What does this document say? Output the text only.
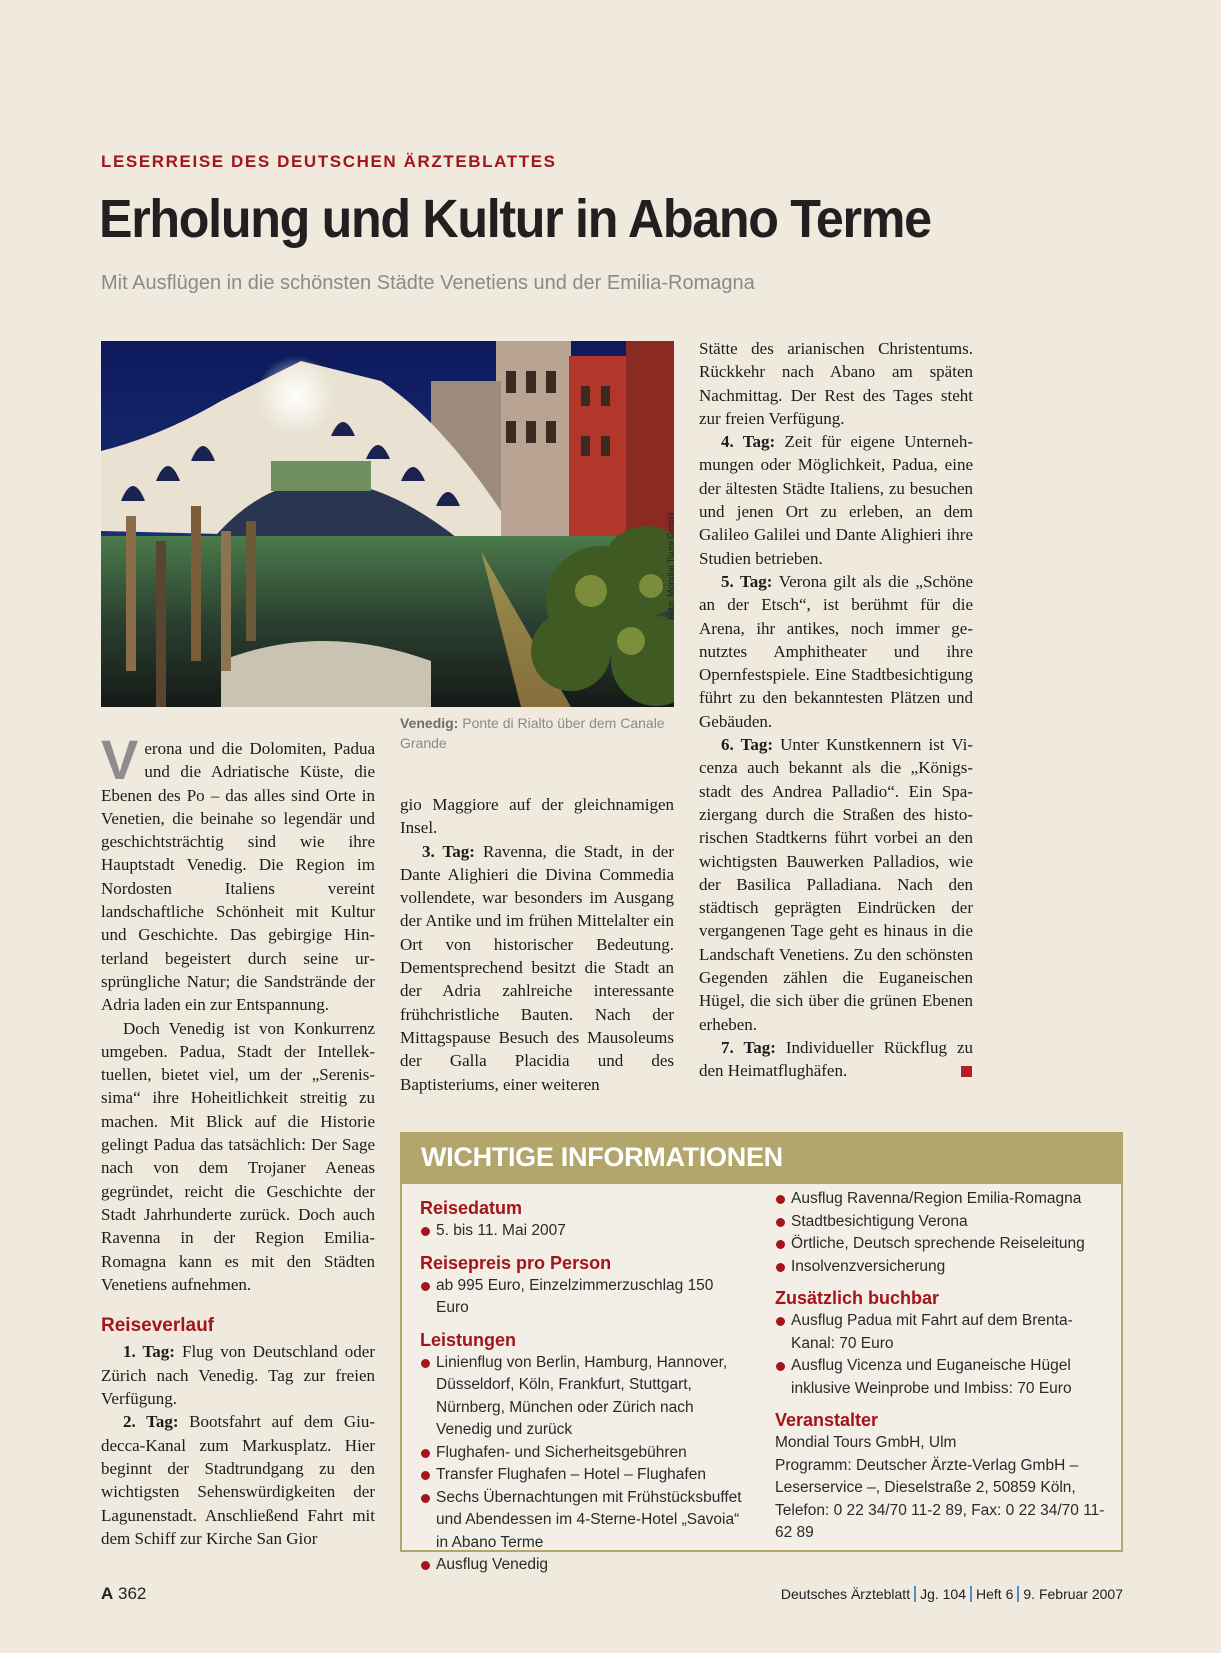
LESERREISE DES DEUTSCHEN ÄRZTEBLATTES
Erholung und Kultur in Abano Terme
Mit Ausflügen in die schönsten Städte Venetiens und der Emilia-Romagna
Foto: Mondial Tours GmbH
Venedig: Ponte di Rialto über dem Canale Grande

Verona und die Dolomiten, Padua und die Adriatische Küste, die Ebenen des Po – das alles sind Orte in Venetien, die beinahe so legendär und geschichtsträchtig sind wie ihre Hauptstadt Venedig. Die Region im Nordosten Italiens vereint landschaftliche Schönheit mit Kultur und Geschichte. Das gebirgige Hinterland begeistert durch seine ursprüngliche Natur; die Sandstrände der Adria laden ein zur Entspannung.

Doch Venedig ist von Konkurrenz umgeben. Padua, Stadt der Intellektuellen, bietet viel, um der „Serenissima“ ihre Hoheitlichkeit streitig zu machen. Mit Blick auf die Historie gelingt Padua das tatsächlich: Der Sage nach von dem Trojaner Aeneas gegründet, reicht die Geschichte der Stadt Jahrhunderte zurück. Doch auch Ravenna in der Region Emilia-Romagna kann es mit den Städten Venetiens aufnehmen.

Reiseverlauf

1. Tag: Flug von Deutschland oder Zürich nach Venedig. Tag zur freien Verfügung.

2. Tag: Bootsfahrt auf dem Giudecca-Kanal zum Markusplatz. Hier beginnt der Stadtrundgang zu den wichtigsten Sehenswürdigkeiten der Lagunenstadt. Anschließend Fahrt mit dem Schiff zur Kirche San Gior

gio Maggiore auf der gleichnamigen Insel.

3. Tag: Ravenna, die Stadt, in der Dante Alighieri die Divina Commedia vollendete, war besonders im Ausgang der Antike und im frühen Mittelalter ein Ort von historischer Bedeutung. Dementsprechend besitzt die Stadt an der Adria zahlreiche interessante frühchristliche Bauten. Nach der Mittagspause Besuch des Mausoleums der Galla Placidia und des Baptisteriums, einer weiteren

Stätte des arianischen Christentums. Rückkehr nach Abano am späten Nachmittag. Der Rest des Tages steht zur freien Verfügung.

4. Tag: Zeit für eigene Unternehmungen oder Möglichkeit, Padua, eine der ältesten Städte Italiens, zu besuchen und jenen Ort zu erleben, an dem Galileo Galilei und Dante Alighieri ihre Studien betrieben.

5. Tag: Verona gilt als die „Schöne an der Etsch“, ist berühmt für die Arena, ihr antikes, noch immer genutztes Amphitheater und ihre Opernfestspiele. Eine Stadtbesichtigung führt zu den bekanntesten Plätzen und Gebäuden.

6. Tag: Unter Kunstkennern ist Vicenza auch bekannt als die „Königsstadt des Andrea Palladio“. Ein Spaziergang durch die Straßen des historischen Stadtkerns führt vorbei an den wichtigsten Bauwerken Palladios, wie der Basilica Palladiana. Nach den städtisch geprägten Eindrücken der vergangenen Tage geht es hinaus in die Landschaft Venetiens. Zu den schönsten Gegenden zählen die Euganeischen Hügel, die sich über die grünen Ebenen erheben.

7. Tag: Individueller Rückflug zu den Heimatflughäfen.

WICHTIGE INFORMATIONEN
Reisedatum
5. bis 11. Mai 2007
Reisepreis pro Person
ab 995 Euro, Einzelzimmerzuschlag 150 Euro
Leistungen
Linienflug von Berlin, Hamburg, Hannover, Düsseldorf, Köln, Frankfurt, Stuttgart, Nürnberg, München oder Zürich nach Venedig und zurück
Flughafen- und Sicherheitsgebühren
Transfer Flughafen – Hotel – Flughafen
Sechs Übernachtungen mit Frühstücksbuffet und Abendessen im 4-Sterne-Hotel „Savoia“ in Abano Terme
Ausflug Venedig
Ausflug Ravenna/Region Emilia-Romagna
Stadtbesichtigung Verona
Örtliche, Deutsch sprechende Reiseleitung
Insolvenzversicherung
Zusätzlich buchbar
Ausflug Padua mit Fahrt auf dem Brenta-Kanal: 70 Euro
Ausflug Vicenza und Euganeische Hügel inklusive Weinprobe und Imbiss: 70 Euro
Veranstalter
Mondial Tours GmbH, Ulm
Programm: Deutscher Ärzte-Verlag GmbH – Leserservice –, Dieselstraße 2, 50859 Köln, Telefon: 0 22 34/70 11-2 89, Fax: 0 22 34/70 11-62 89
A 362	Deutsches Ärzteblatt Jg. 104 Heft 6 9. Februar 2007
